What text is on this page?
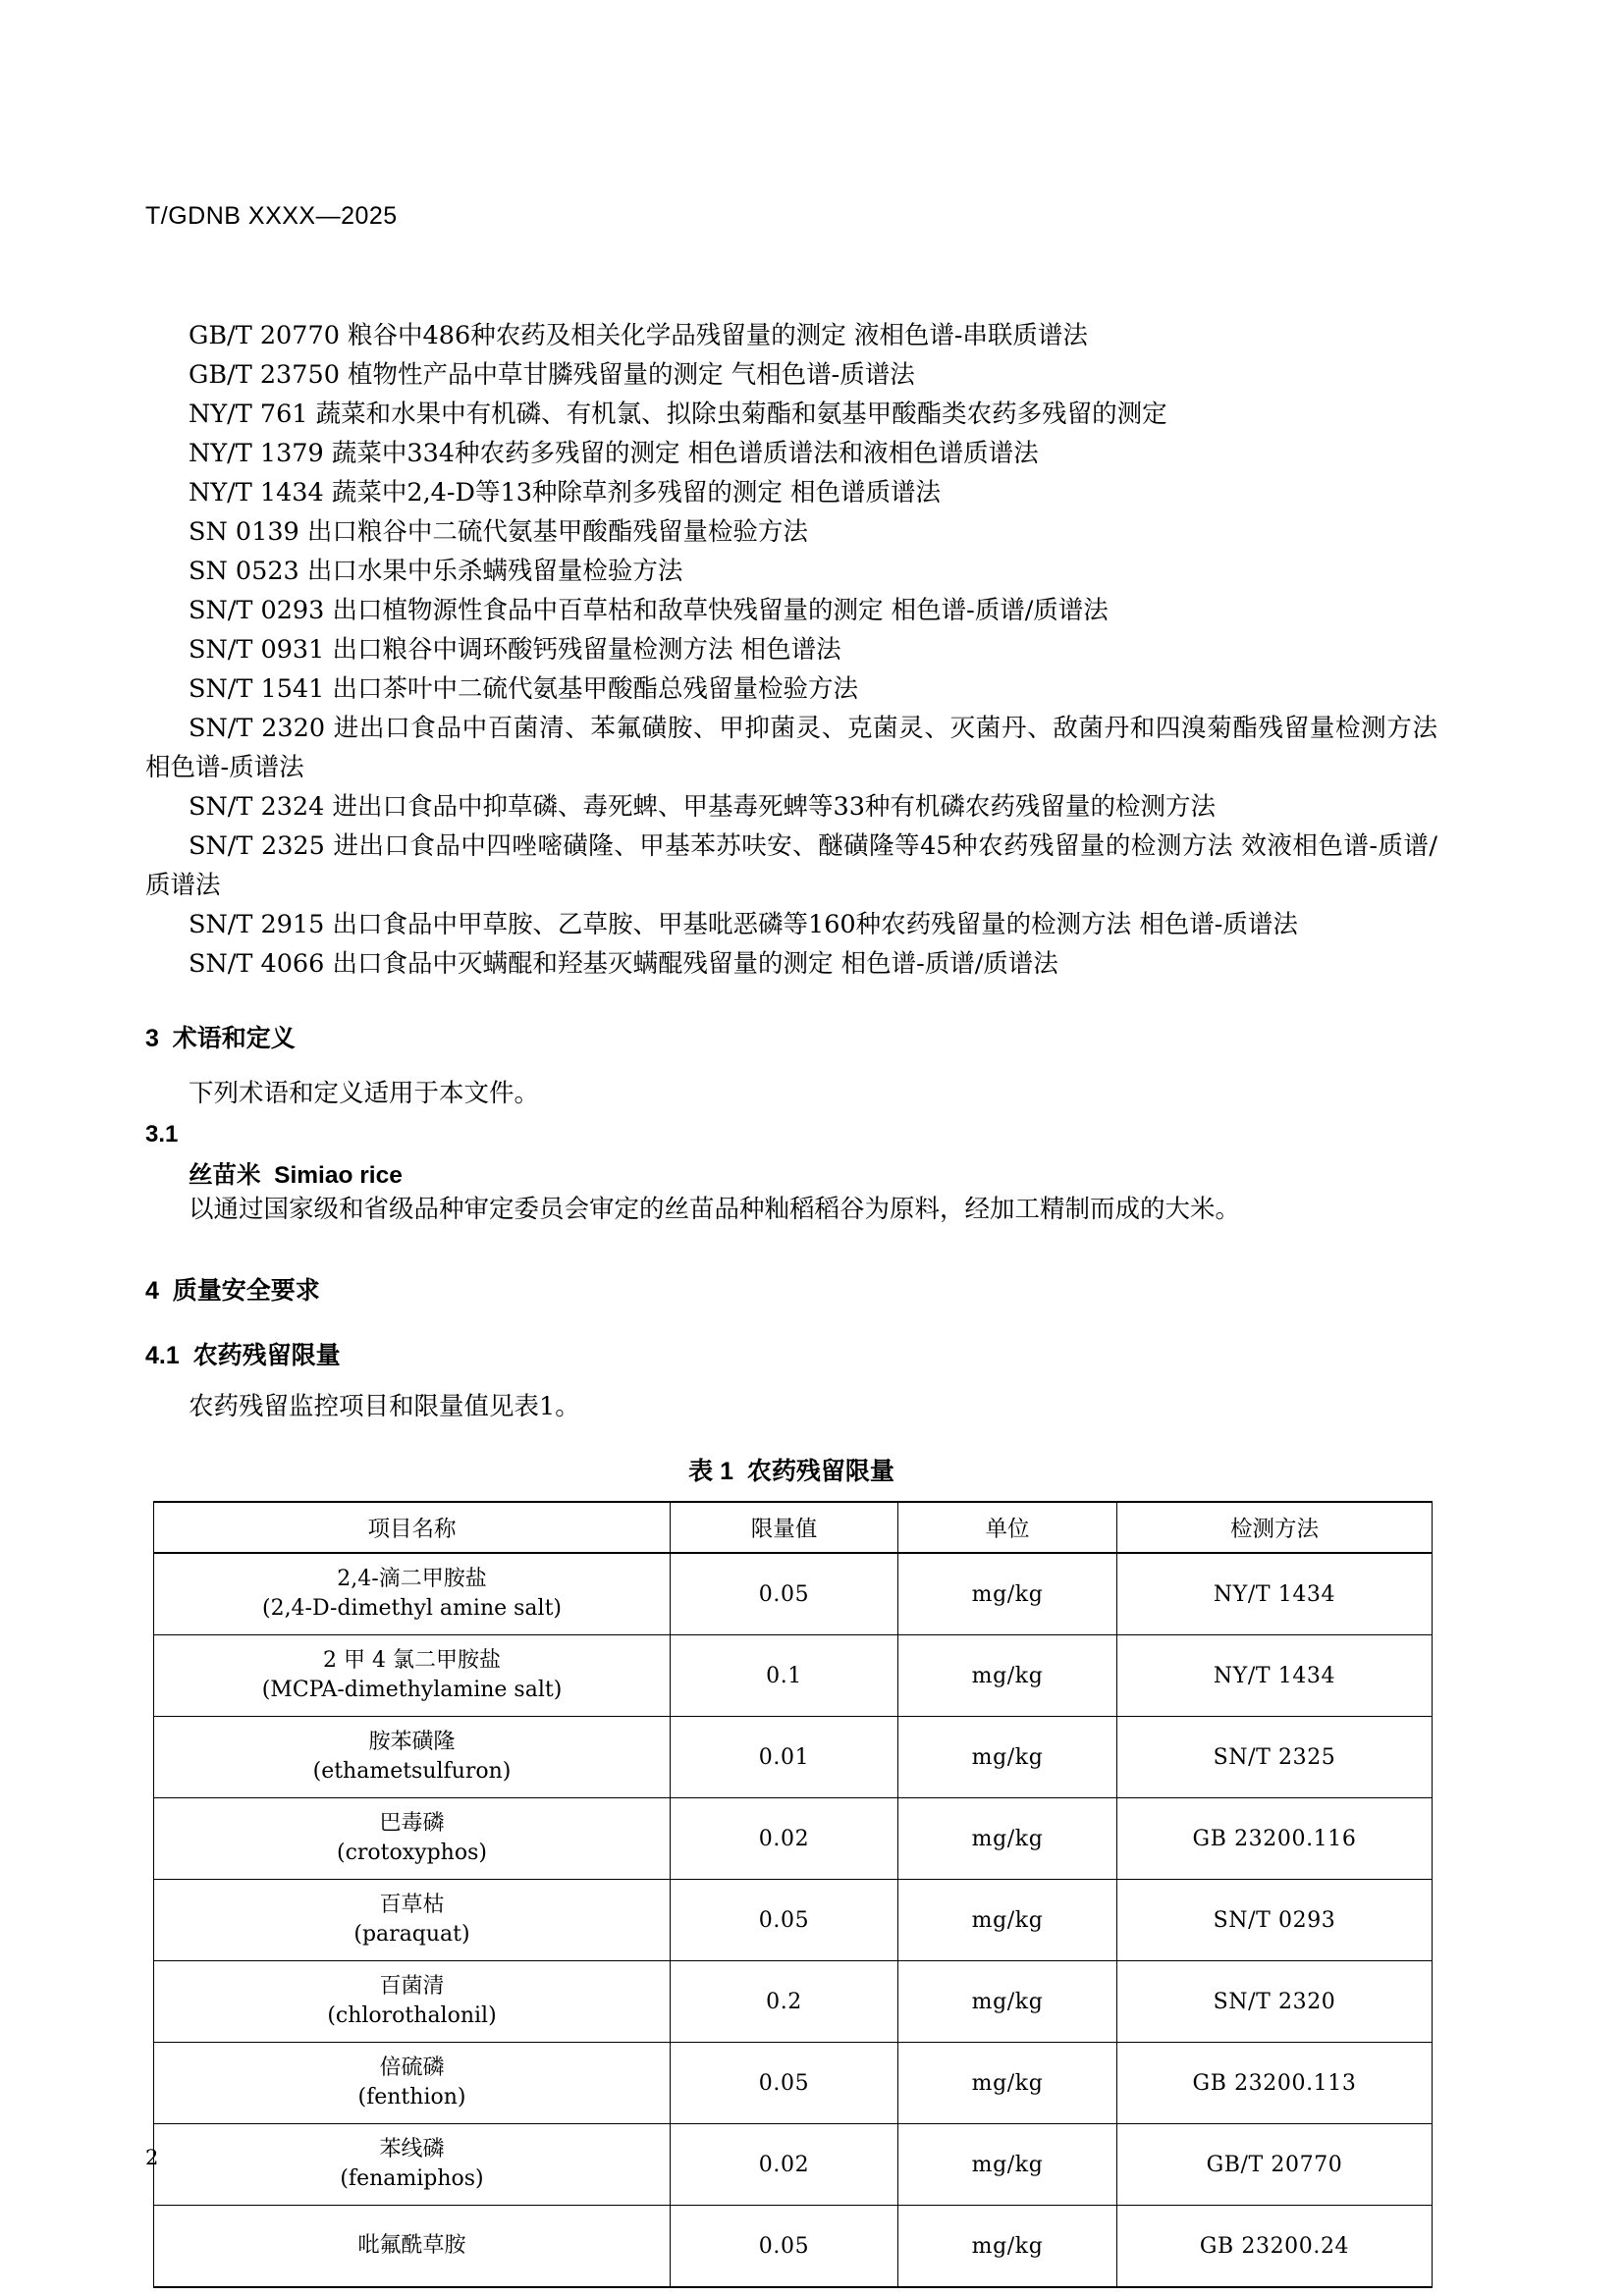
T/GDNB XXXX—2025

GB/T 20770 粮谷中486种农药及相关化学品残留量的测定 液相色谱-串联质谱法

GB/T 23750 植物性产品中草甘膦残留量的测定 气相色谱-质谱法

NY/T 761 蔬菜和水果中有机磷、有机氯、拟除虫菊酯和氨基甲酸酯类农药多残留的测定

NY/T 1379 蔬菜中334种农药多残留的测定 相色谱质谱法和液相色谱质谱法

NY/T 1434 蔬菜中2,4-D等13种除草剂多残留的测定 相色谱质谱法

SN 0139 出口粮谷中二硫代氨基甲酸酯残留量检验方法

SN 0523 出口水果中乐杀螨残留量检验方法

SN/T 0293 出口植物源性食品中百草枯和敌草快残留量的测定 相色谱-质谱/质谱法

SN/T 0931 出口粮谷中调环酸钙残留量检测方法 相色谱法

SN/T 1541 出口茶叶中二硫代氨基甲酸酯总残留量检验方法

SN/T 2320 进出口食品中百菌清、苯氟磺胺、甲抑菌灵、克菌灵、灭菌丹、敌菌丹和四溴菊酯残留量检测方法 相色谱-质谱法

SN/T 2324 进出口食品中抑草磷、毒死蜱、甲基毒死蜱等33种有机磷农药残留量的检测方法

SN/T 2325 进出口食品中四唑嘧磺隆、甲基苯苏呋安、醚磺隆等45种农药残留量的检测方法 效液相色谱-质谱/质谱法

SN/T 2915 出口食品中甲草胺、乙草胺、甲基吡恶磷等160种农药残留量的检测方法 相色谱-质谱法

SN/T 4066 出口食品中灭螨醌和羟基灭螨醌残留量的测定 相色谱-质谱/质谱法

3  术语和定义

下列术语和定义适用于本文件。

3.1

丝苗米  Simiao rice

以通过国家级和省级品种审定委员会审定的丝苗品种籼稻稻谷为原料，经加工精制而成的大米。

4  质量安全要求

4.1  农药残留限量

农药残留监控项目和限量值见表1。

表 1  农药残留限量
项目名称	限量值	单位	检测方法

2,4-滴二甲胺盐
(2,4-D-dimethyl amine salt)	0.05	mg/kg	NY/T 1434

2 甲 4 氯二甲胺盐
(MCPA-dimethylamine salt)	0.1	mg/kg	NY/T 1434

胺苯磺隆
(ethametsulfuron)	0.01	mg/kg	SN/T 2325

巴毒磷
(crotoxyphos)	0.02	mg/kg	GB 23200.116

百草枯
(paraquat)	0.05	mg/kg	SN/T 0293

百菌清
(chlorothalonil)	0.2	mg/kg	SN/T 2320

倍硫磷
(fenthion)	0.05	mg/kg	GB 23200.113

苯线磷
(fenamiphos)	0.02	mg/kg	GB/T 20770

吡氟酰草胺	0.05	mg/kg	GB 23200.24
2
